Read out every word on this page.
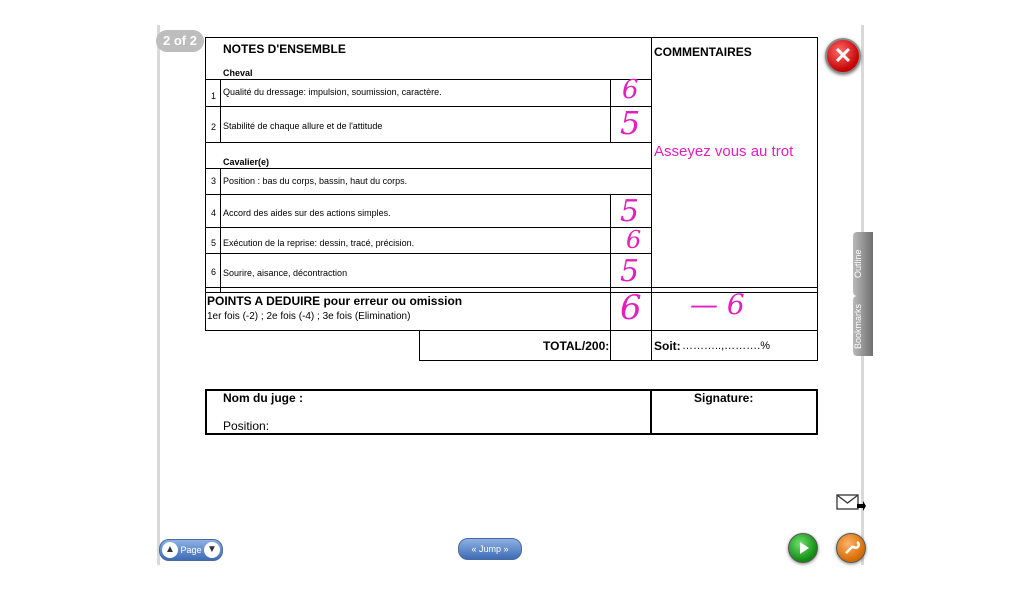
2 of 2
NOTES D'ENSEMBLE	COMMENTAIRES
Cheval
1 Qualité du dressage: impulsion, soumission, caractère.	6
2 Stabilité de chaque allure et de l'attitude	5
Cavalier(e)
3 Position : bas du corps, bassin, haut du corps.
4 Accord des aides sur des actions simples.	5
5 Exécution de la reprise: dessin, tracé, précision.	6
6 Sourire, aisance, décontraction	5
Asseyez vous au trot
POINTS A DEDUIRE pour erreur ou omission
1er fois (-2) ; 2e fois (-4) ; 3e fois (Elimination)	6 — 6
TOTAL/200:	Soit: ………..,……….%
Nom du juge :
Position:
Signature:
✕
Outline
Bookmarks
▲ Page ▼	« Jump »
